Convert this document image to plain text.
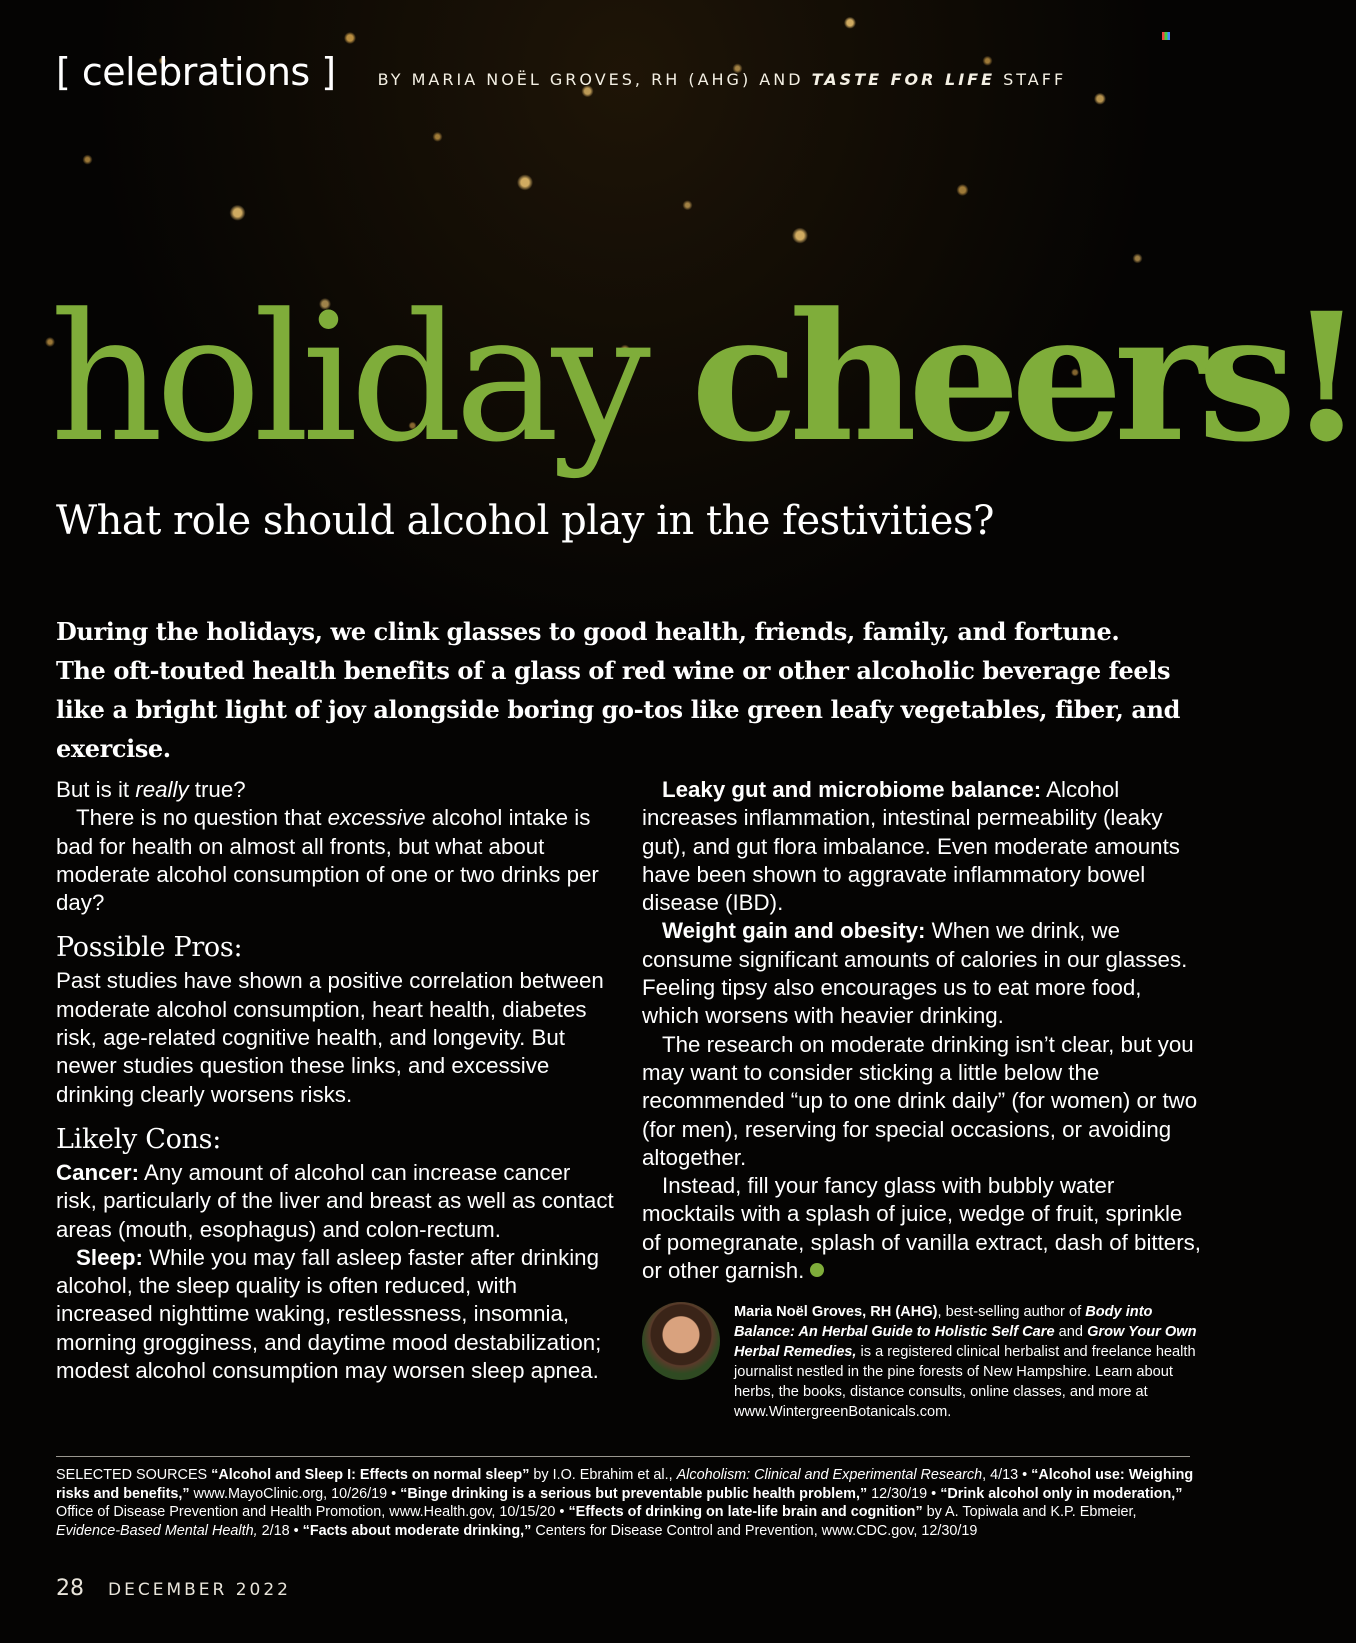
[ celebrations ]	BY MARIA NOËL GROVES, RH (AHG) AND TASTE FOR LIFE STAFF
holiday cheers!
What role should alcohol play in the festivities?

During the holidays, we clink glasses to good health, friends, family, and fortune.

The oft-touted health benefits of a glass of red wine or other alcoholic beverage feels like a bright light of joy alongside boring go-tos like green leafy vegetables, fiber, and exercise.

But is it really true?

There is no question that excessive alcohol intake is bad for health on almost all fronts, but what about moderate alcohol consumption of one or two drinks per day?

Possible Pros:

Past studies have shown a positive correlation between moderate alcohol consumption, heart health, diabetes risk, age-related cognitive health, and longevity. But newer studies question these links, and excessive drinking clearly worsens risks.

Likely Cons:

Cancer: Any amount of alcohol can increase cancer risk, particularly of the liver and breast as well as contact areas (mouth, esophagus) and colon-rectum.

Sleep: While you may fall asleep faster after drinking alcohol, the sleep quality is often reduced, with increased nighttime waking, restlessness, insomnia, morning grogginess, and daytime mood destabilization; modest alcohol consumption may worsen sleep apnea.

Leaky gut and microbiome balance: Alcohol increases inflammation, intestinal permeability (leaky gut), and gut flora imbalance. Even moderate amounts have been shown to aggravate inflammatory bowel disease (IBD).

Weight gain and obesity: When we drink, we consume significant amounts of calories in our glasses. Feeling tipsy also encourages us to eat more food, which worsens with heavier drinking.

The research on moderate drinking isn’t clear, but you may want to consider sticking a little below the recommended “up to one drink daily” (for women) or two (for men), reserving for special occasions, or avoiding altogether.

Instead, fill your fancy glass with bubbly water mocktails with a splash of juice, wedge of fruit, sprinkle of pomegranate, splash of vanilla extract, dash of bitters, or other garnish.

Maria Noël Groves, RH (AHG), best-selling author of Body into Balance: An Herbal Guide to Holistic Self Care and Grow Your Own Herbal Remedies, is a registered clinical herbalist and freelance health journalist nestled in the pine forests of New Hampshire. Learn about herbs, the books, distance consults, online classes, and more at www.WintergreenBotanicals.com.
SELECTED SOURCES “Alcohol and Sleep I: Effects on normal sleep” by I.O. Ebrahim et al., Alcoholism: Clinical and Experimental Research, 4/13 • “Alcohol use: Weighing risks and benefits,” www.MayoClinic.org, 10/26/19 • “Binge drinking is a serious but preventable public health problem,” 12/30/19 • “Drink alcohol only in moderation,” Office of Disease Prevention and Health Promotion, www.Health.gov, 10/15/20 • “Effects of drinking on late-life brain and cognition” by A. Topiwala and K.P. Ebmeier, Evidence-Based Mental Health, 2/18 • “Facts about moderate drinking,” Centers for Disease Control and Prevention, www.CDC.gov, 12/30/19
28 DECEMBER 2022
